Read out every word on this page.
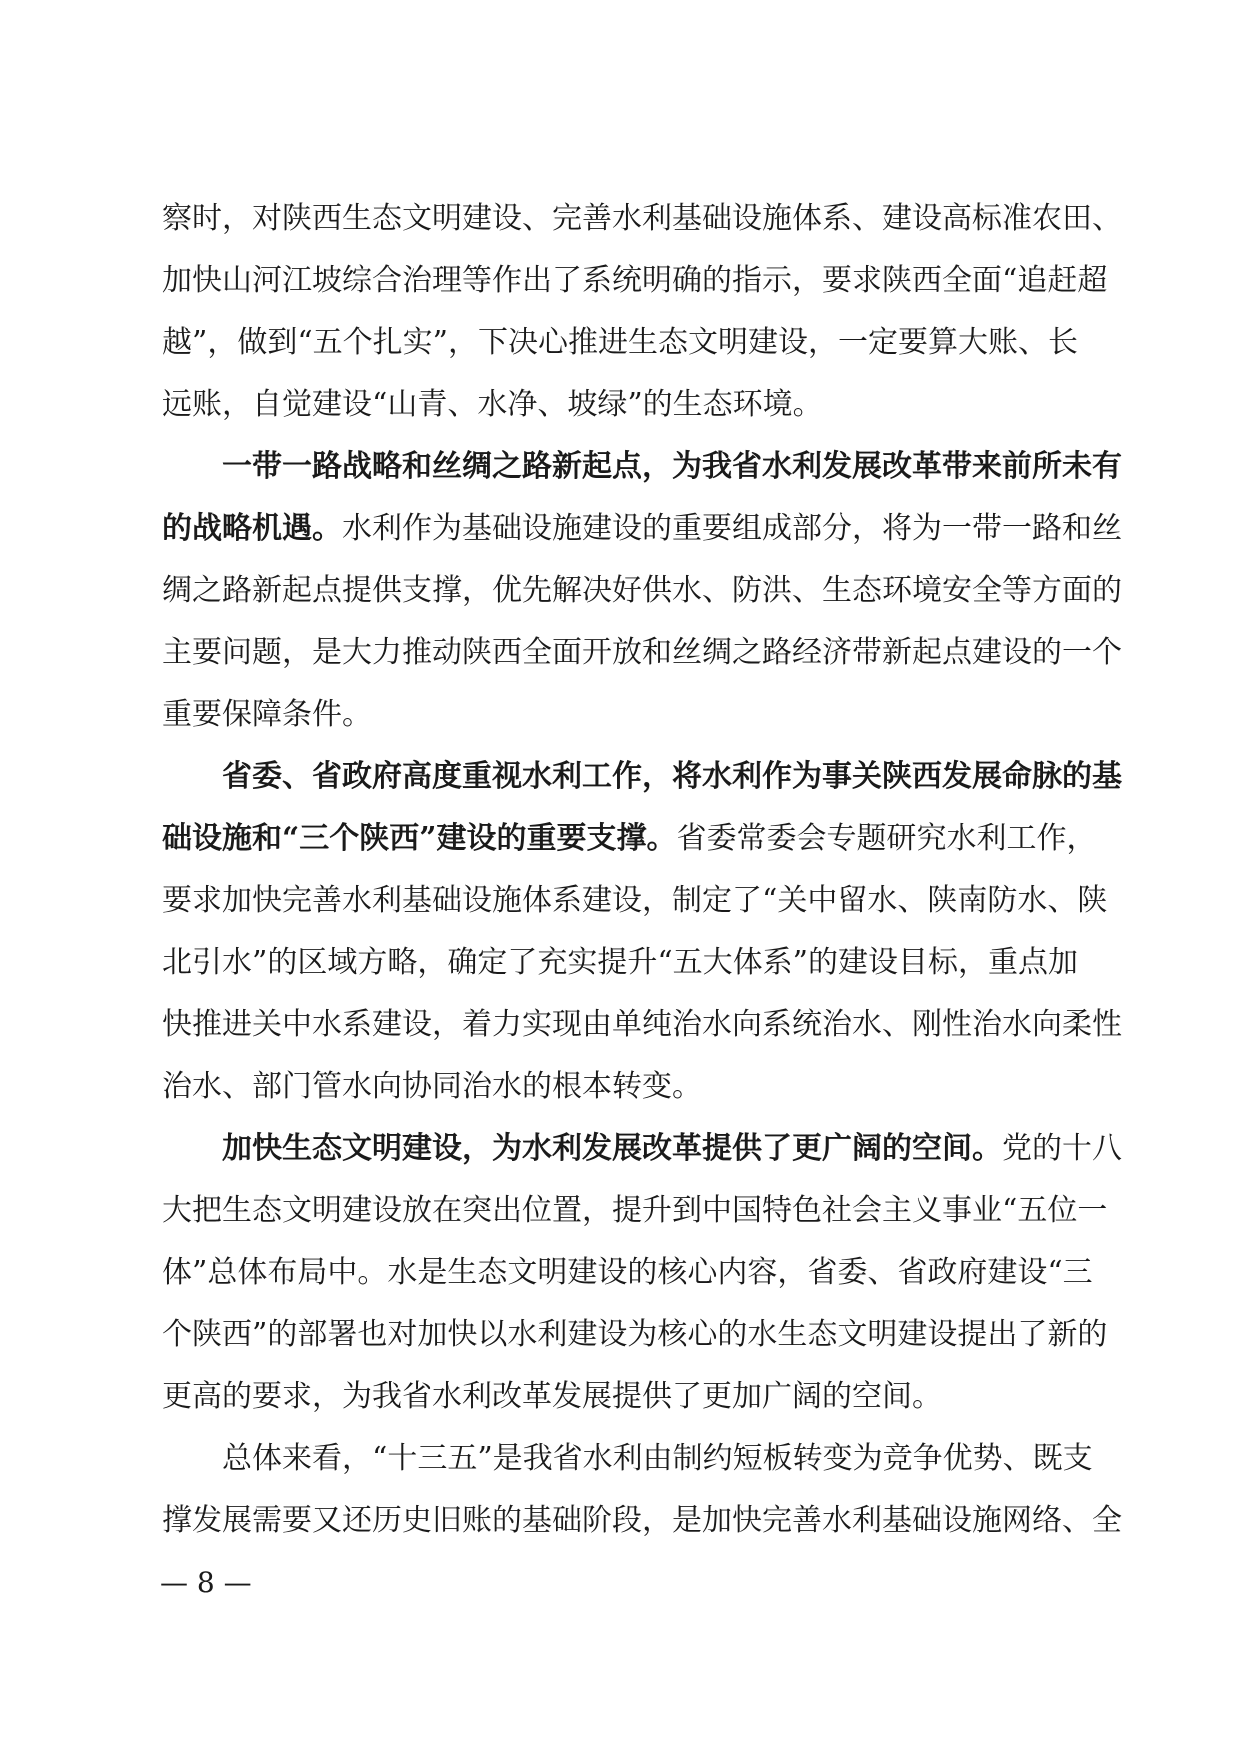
察时，对陕西生态文明建设、完善水利基础设施体系、建设高标准农田、
加快山河江坡综合治理等作出了系统明确的指示，要求陕西全面“追赶超
越”，做到“五个扎实”，下决心推进生态文明建设，一定要算大账、长
远账，自觉建设“山青、水净、坡绿”的生态环境。
一带一路战略和丝绸之路新起点，为我省水利发展改革带来前所未有
的战略机遇。水利作为基础设施建设的重要组成部分，将为一带一路和丝
绸之路新起点提供支撑，优先解决好供水、防洪、生态环境安全等方面的
主要问题，是大力推动陕西全面开放和丝绸之路经济带新起点建设的一个
重要保障条件。
省委、省政府高度重视水利工作，将水利作为事关陕西发展命脉的基
础设施和“三个陕西”建设的重要支撑。省委常委会专题研究水利工作，
要求加快完善水利基础设施体系建设，制定了“关中留水、陕南防水、陕
北引水”的区域方略，确定了充实提升“五大体系”的建设目标，重点加
快推进关中水系建设，着力实现由单纯治水向系统治水、刚性治水向柔性
治水、部门管水向协同治水的根本转变。
加快生态文明建设，为水利发展改革提供了更广阔的空间。党的十八
大把生态文明建设放在突出位置，提升到中国特色社会主义事业“五位一
体”总体布局中。水是生态文明建设的核心内容，省委、省政府建设“三
个陕西”的部署也对加快以水利建设为核心的水生态文明建设提出了新的
更高的要求，为我省水利改革发展提供了更加广阔的空间。
总体来看，“十三五”是我省水利由制约短板转变为竞争优势、既支
撑发展需要又还历史旧账的基础阶段，是加快完善水利基础设施网络、全
— 8 —
